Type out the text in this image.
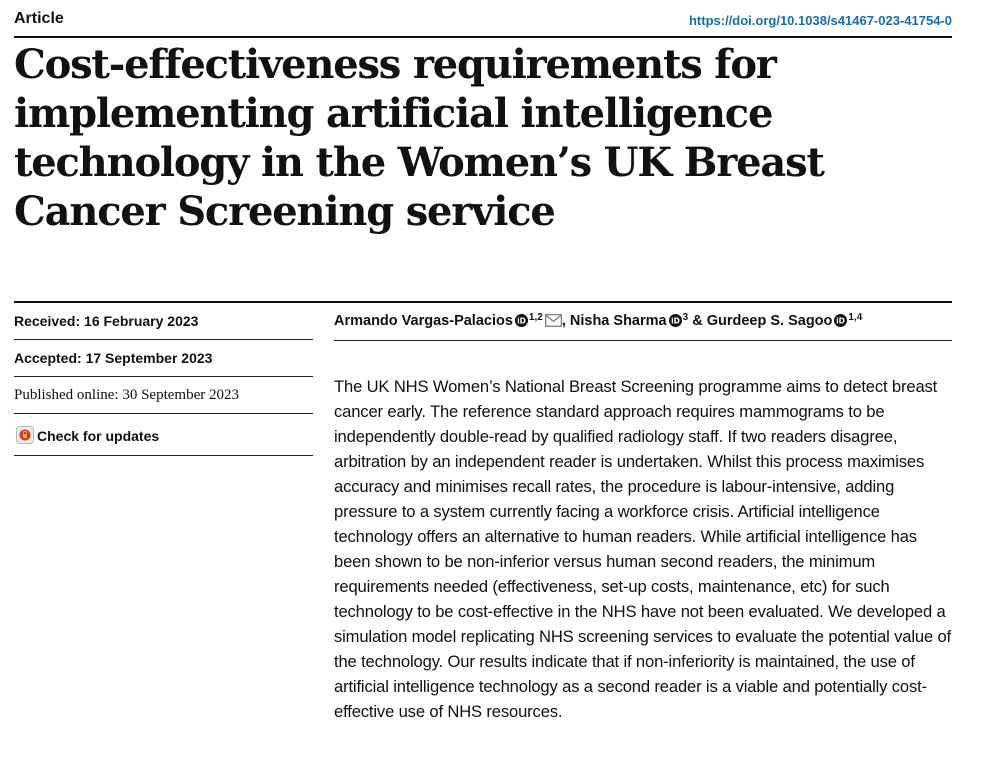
Article	https://doi.org/10.1038/s41467-023-41754-0
Cost-effectiveness requirements for
implementing artificial intelligence
technology in the Women’s UK Breast
Cancer Screening service
Received: 16 February 2023
Accepted: 17 September 2023
Published online: 30 September 2023
Check for updates
Armando Vargas-Palacios iD $^{1,2}$ , Nisha Sharma iD $^3$ & Gurdeep S. Sagoo iD $^{1,4}$

The UK NHS Women’s National Breast Screening programme aims to detect breast cancer early. The reference standard approach requires mammograms to be independently double-read by qualified radiology staff. If two readers disagree, arbitration by an independent reader is undertaken. Whilst this process maximises accuracy and minimises recall rates, the procedure is labour-intensive, adding pressure to a system currently facing a workforce crisis. Artificial intelligence technology offers an alternative to human readers. While artificial intelligence has been shown to be non-inferior versus human second readers, the minimum requirements needed (effectiveness, set-up costs, maintenance, etc) for such technology to be cost-effective in the NHS have not been evaluated. We developed a simulation model replicating NHS screening services to evaluate the potential value of the technology. Our results indicate that if non-inferiority is maintained, the use of artificial intelligence technology as a second reader is a viable and potentially cost-effective use of NHS resources.
